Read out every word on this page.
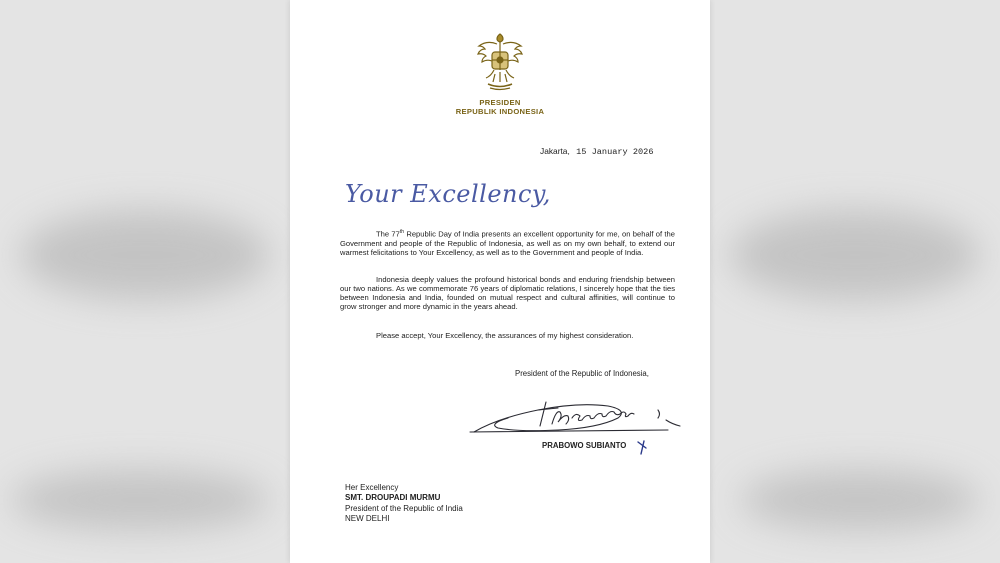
PRESIDEN
REPUBLIK INDONESIA
Jakarta, 15 January 2026
Your Excellency,

The 77th Republic Day of India presents an excellent opportunity for me, on behalf of the Government and people of the Republic of Indonesia, as well as on my own behalf, to extend our warmest felicitations to Your Excellency, as well as to the Government and people of India.

Indonesia deeply values the profound historical bonds and enduring friendship between our two nations. As we commemorate 76 years of diplomatic relations, I sincerely hope that the ties between Indonesia and India, founded on mutual respect and cultural affinities, will continue to grow stronger and more dynamic in the years ahead.

Please accept, Your Excellency, the assurances of my highest consideration.

President of the Republic of Indonesia,
PRABOWO SUBIANTO
Her Excellency
SMT. DROUPADI MURMU
President of the Republic of India
NEW DELHI
